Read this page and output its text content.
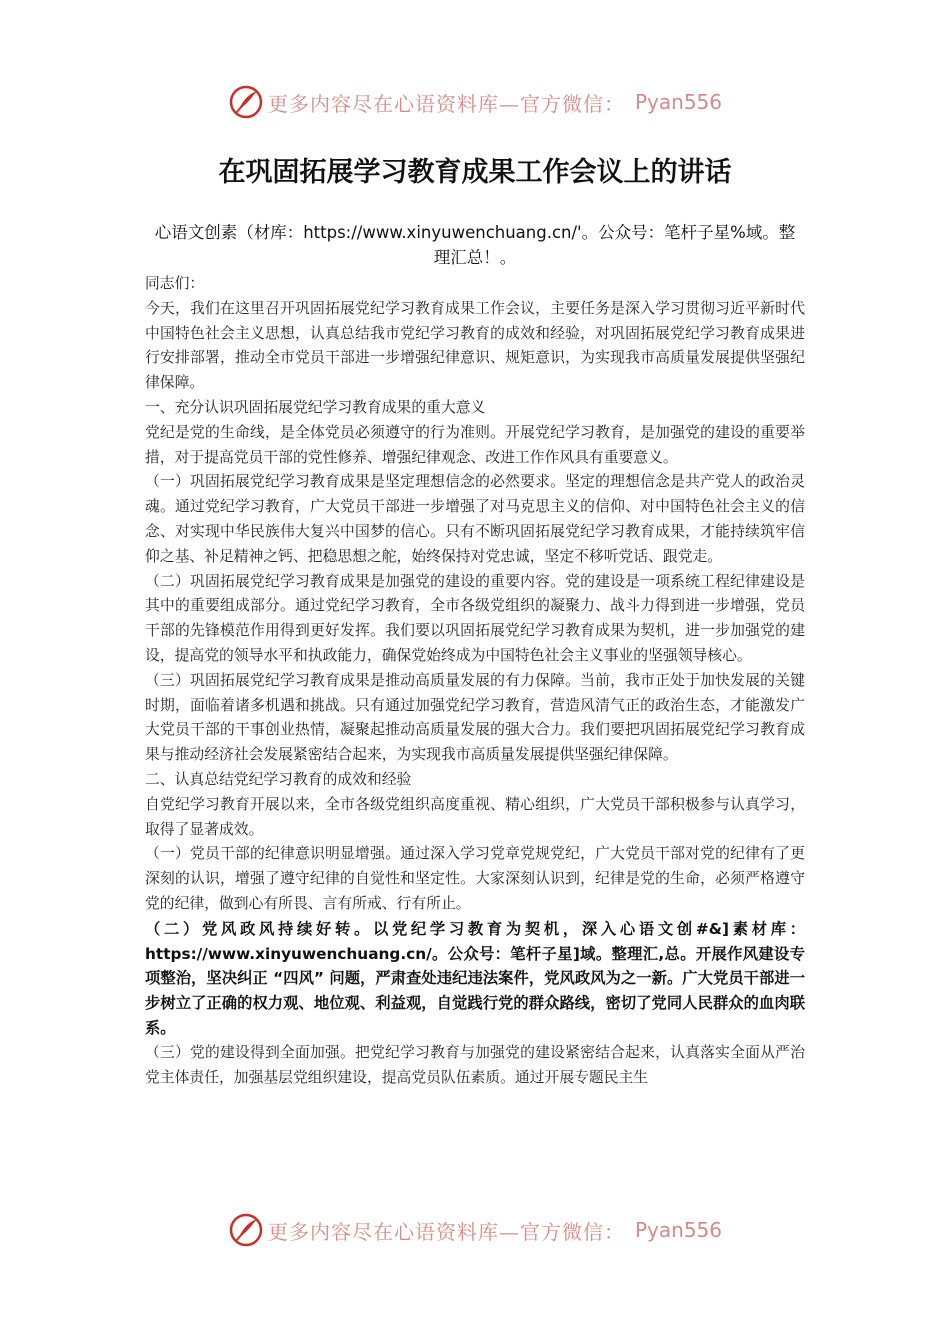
更多内容尽在心语资料库—官方微信： Pyan556
在巩固拓展学习教育成果工作会议上的讲话
心语文创素（材库：https://www.xinyuwenchuang.cn/'。公众号：笔杆子星%域。整理汇总！。

同志们：

今天，我们在这里召开巩固拓展党纪学习教育成果工作会议，主要任务是深入学习贯彻习近平新时代中国特色社会主义思想，认真总结我市党纪学习教育的成效和经验，对巩固拓展党纪学习教育成果进行安排部署，推动全市党员干部进一步增强纪律意识、规矩意识，为实现我市高质量发展提供坚强纪律保障。

一、充分认识巩固拓展党纪学习教育成果的重大意义

党纪是党的生命线，是全体党员必须遵守的行为准则。开展党纪学习教育，是加强党的建设的重要举措，对于提高党员干部的党性修养、增强纪律观念、改进工作作风具有重要意义。

（一）巩固拓展党纪学习教育成果是坚定理想信念的必然要求。坚定的理想信念是共产党人的政治灵魂。通过党纪学习教育，广大党员干部进一步增强了对马克思主义的信仰、对中国特色社会主义的信念、对实现中华民族伟大复兴中国梦的信心。只有不断巩固拓展党纪学习教育成果，才能持续筑牢信仰之基、补足精神之钙、把稳思想之舵，始终保持对党忠诚，坚定不移听党话、跟党走。

（二）巩固拓展党纪学习教育成果是加强党的建设的重要内容。党的建设是一项系统工程纪律建设是其中的重要组成部分。通过党纪学习教育，全市各级党组织的凝聚力、战斗力得到进一步增强，党员干部的先锋模范作用得到更好发挥。我们要以巩固拓展党纪学习教育成果为契机，进一步加强党的建设，提高党的领导水平和执政能力，确保党始终成为中国特色社会主义事业的坚强领导核心。

（三）巩固拓展党纪学习教育成果是推动高质量发展的有力保障。当前，我市正处于加快发展的关键时期，面临着诸多机遇和挑战。只有通过加强党纪学习教育，营造风清气正的政治生态，才能激发广大党员干部的干事创业热情，凝聚起推动高质量发展的强大合力。我们要把巩固拓展党纪学习教育成果与推动经济社会发展紧密结合起来，为实现我市高质量发展提供坚强纪律保障。

二、认真总结党纪学习教育的成效和经验

自党纪学习教育开展以来，全市各级党组织高度重视、精心组织，广大党员干部积极参与认真学习，取得了显著成效。

（一）党员干部的纪律意识明显增强。通过深入学习党章党规党纪，广大党员干部对党的纪律有了更深刻的认识，增强了遵守纪律的自觉性和坚定性。大家深刻认识到，纪律是党的生命，必须严格遵守党的纪律，做到心有所畏、言有所戒、行有所止。

（二）党风政风持续好转。以党纪学习教育为契机，深入心语文创#&]素材库：https://www.xinyuwenchuang.cn/。公众号：笔杆子星]域。整理汇,总。开展作风建设专项整治，坚决纠正 “四风” 问题，严肃查处违纪违法案件，党风政风为之一新。广大党员干部进一步树立了正确的权力观、地位观、利益观，自觉践行党的群众路线，密切了党同人民群众的血肉联系。

（三）党的建设得到全面加强。把党纪学习教育与加强党的建设紧密结合起来，认真落实全面从严治党主体责任，加强基层党组织建设，提高党员队伍素质。通过开展专题民主生

更多内容尽在心语资料库—官方微信： Pyan556
